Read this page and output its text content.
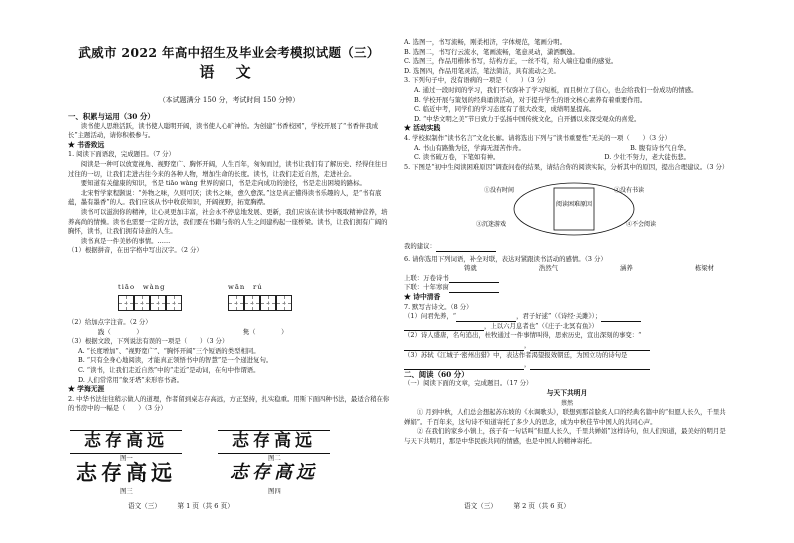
武威市 2022 年高中招生及毕业会考模拟试题（三）
语 文
（本试题满分 150 分，考试时间 150 分钟）
一、积累与运用（30 分）
读书使人思维活跃，读书使人聪明开阔，读书使人心旷神怡。为创建“书香校园”，学校开展了“书香伴我成长”主题活动，请你积极参与。
★ 书香致远
1. 阅读下面语段，完成题目。（7 分）
阅读是一种可以放宽视角、视野宽广、胸怀开阔，人生百年，匆匆而过，读书让我们有了解历史、经得住往日过往的一切，让我们走进古往今来的各种人物，增加生命的长度。读书，让我们走近自然，走进社会。
要知道有关健康的知识，书是 tiāo wàng 世界的窗口，书是走向成功的途径，书是走出困境的路标。
北宋哲学家程颢说：“外物之味，久则可厌；读书之味，愈久愈深。”这是真正懂得读书乐趣的人，是“书有底蕴，墨有墨香”的人。我们应该从书中收获知识，开阔视野，拓宽胸襟。
读书可以滋润你的精神，让心灵更加丰富，社会永不停息地发展、更新，我们应该在读书中吸取精神营养，培养高尚的情操。读书也需要一定的方法，我们要在书籍与你的人生之间建构起一座桥梁。读书，让我们拥有广阔的胸怀，读书，让我们拥有诗意的人生。
读书真是一件美妙的事情。……
（1）根据拼音，在田字格中写出汉字。（2 分）
tiāo　wàng	wān　rú
（2）给加点字注音。（2 分）
践（　　　　）	隽（　　　　）
（3）根据文段，下列说法有误的一项是（　　）（3 分）
A. “长度增加”、“视野宽广”、“胸怀开阔”三个短语的类型相同。
B. “只有全身心地阅读，才能真正领悟书中的智慧”是一个递进复句。
C. “读书，让我们走近自然”中的“走近”是动词，在句中作谓语。
D. 人们常常用“象牙塔”来形容书斋。
★ 学海无涯
2. 中华书法往往稍示做人的道理，作者留到桌志存高远，方正坚持，扎实稳重。用斯下面四种书法，最适合稍在你的书房中的一幅是（　　）（3 分）
志存高远	志存高远
图一	图二
志存高远	志存高远
图三	图四
语文（三）　　　第 1 页（共 6 页）
A. 选图一，书写流畅，刚柔相济，字体规范，笔画分明。
B. 选图二，书写行云流水，笔画流畅，笔意灵动，潇洒飘逸。
C. 选图三，作品用楷体书写，结构方正，一丝不苟，给人端庄稳重的感觉。
D. 选图四，作品用笔灵活，笔法简洁，具有流动之美。
3. 下列句子中，没有语病的一项是（　　）（3 分）
A. 通过一段时间的学习，我们不仅弥补了学习短板，而且树立了信心，也会给我们一份成功的情感。
B. 学校开展与策划的经典诵读活动，对于提升学生的语文核心素养有着重要作用。
C. 临近中考，同学们的学习态度有了很大改变，成绩明显提高。
D. “中华文明之美”节日致力于弘扬中国传统文化，自开播以来深受观众的喜爱。
★ 活动实践
4. 学校拟制作“读书名言”文化长廊。请将选出下列与“读书重要性”无关的一项（　　）（3 分）
A. 书山有路勤为径，学海无涯苦作舟。	B. 腹有诗书气自华。
C. 读书破万卷，下笔如有神。	D. 少壮不努力，老大徒伤悲。
5. 下图是“初中生阅读困难原因”调查问卷的结果，请结合你的阅读实际，分析其中的原因，提出合理建议。（3 分）
阅读困难原因
①没有时间	②没有书读
③沉迷游戏	④不会阅读
我的建议：
6. 请你选用下列词语，补全对联，表达对紧跟读书活动的感情。（3 分）
铸就	浩然气	涵养	栋梁材
上联：万卷诗书
下联：十年寒窗
★ 诗中清香
7. 默写古诗文。（8 分）
（1）问君先养，“	，君子好逑”（《诗经·关雎》）；
，上以六月息者也”（《庄子·北冥有鱼》）
（2）诗人盛唐，名句追出，杜牧通过一件事情叫得，思索历史，宣出深刻的事变：“
，
（3）苏轼《江城子·密州出猎》中，表达作者渴望报效朝廷，为国立功的诗句是
，
二、阅读（60 分）
（一）阅读下面的文章，完成题目。（17 分）
与天下共明月
蔡然
① 月到中秋，人们总会想起苏东坡的《水调歌头》，联想到那首脍炙人口的经典名篇中的“但愿人长久，千里共婵娟”。千百年来，这句诗不知道寄托了多少人的思念，成为中秋佳节中国人的共同心声。
② 在我们的家乡小镇上，孩子有一句话叫“但愿人长久，千里共婵娟”这样诗句，但人们知道，最美好的明月是与天下共明月，那是中华民族共同的情感，也是中国人的精神寄托。
语文（三）　　　第 2 页（共 6 页）
